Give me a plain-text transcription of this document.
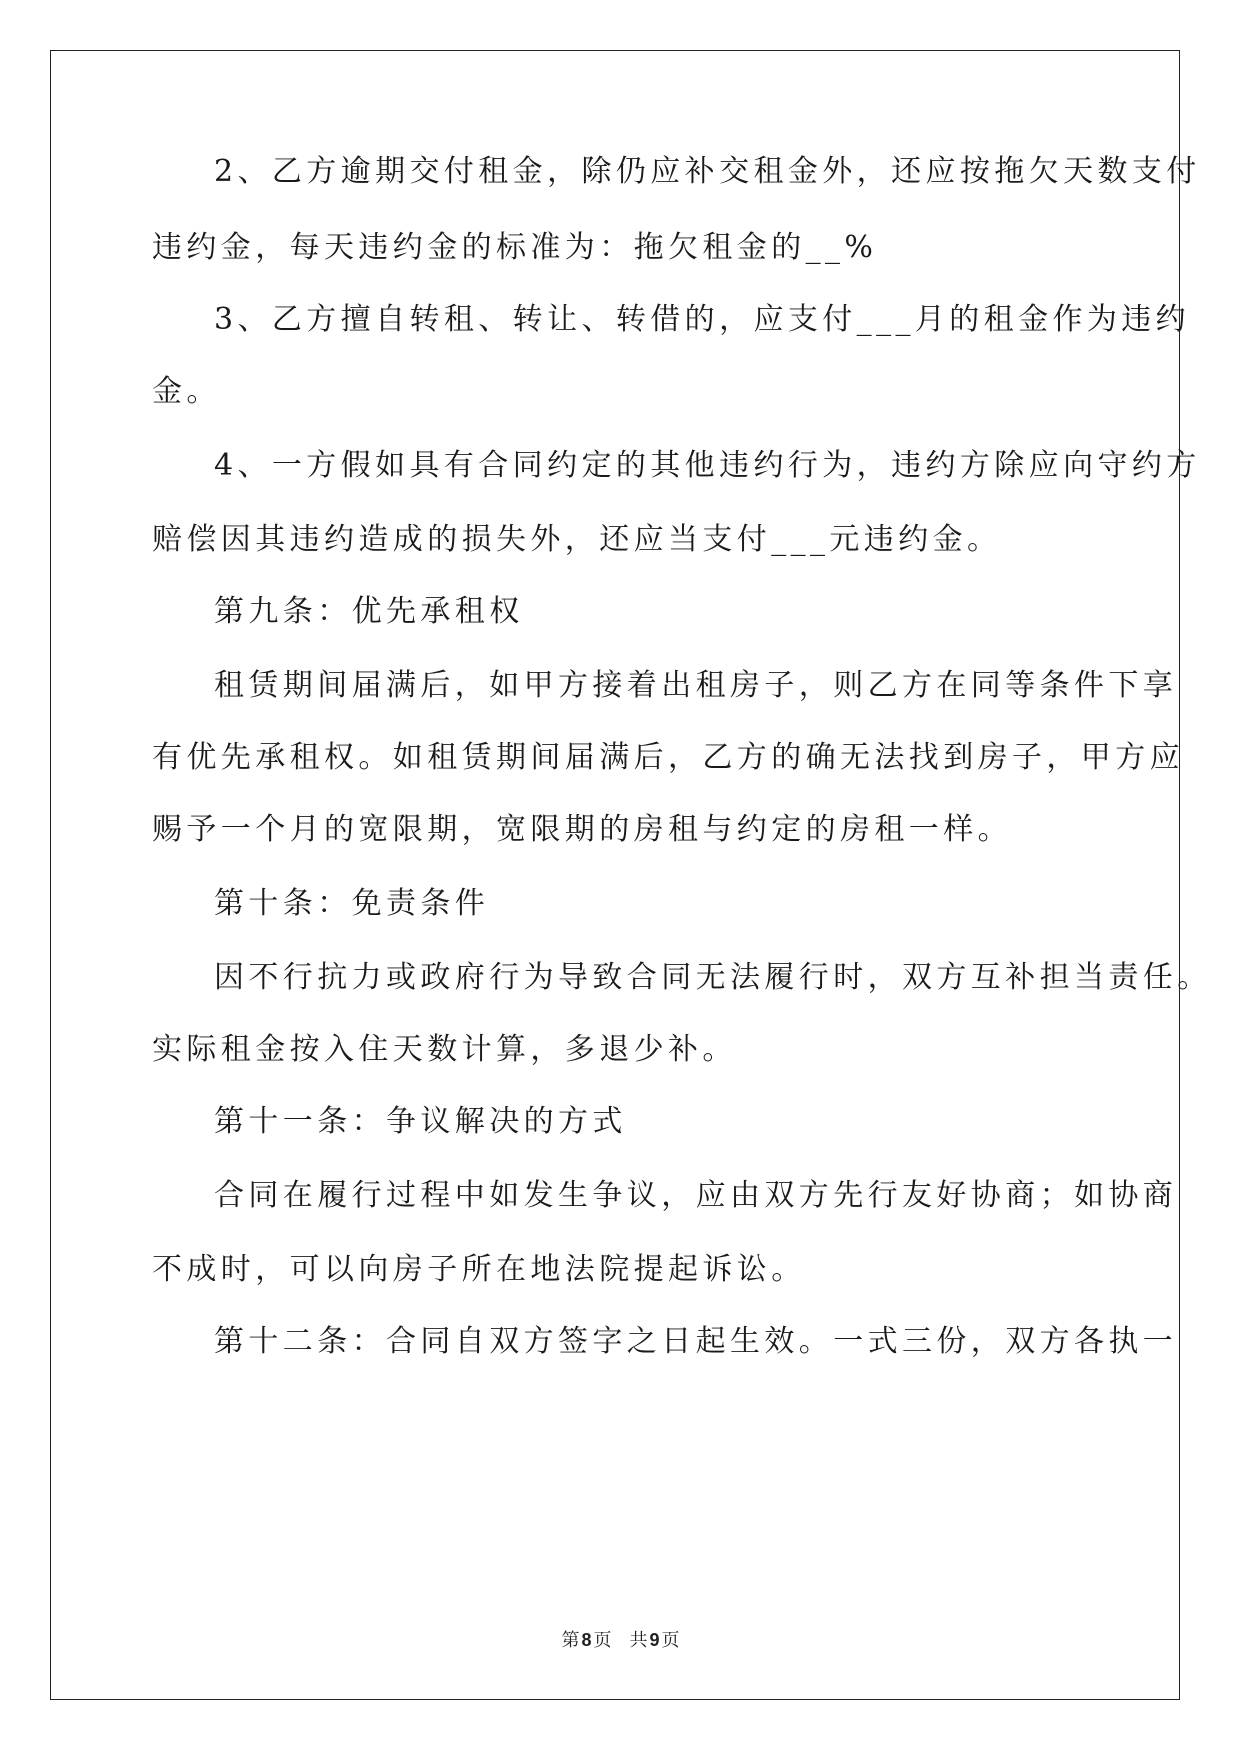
2、乙方逾期交付租金，除仍应补交租金外，还应按拖欠天数支付
违约金，每天违约金的标准为：拖欠租金的__%
3、乙方擅自转租、转让、转借的，应支付___月的租金作为违约
金。
4、一方假如具有合同约定的其他违约行为，违约方除应向守约方
赔偿因其违约造成的损失外，还应当支付___元违约金。
第九条：优先承租权
租赁期间届满后，如甲方接着出租房子，则乙方在同等条件下享
有优先承租权。如租赁期间届满后，乙方的确无法找到房子，甲方应
赐予一个月的宽限期，宽限期的房租与约定的房租一样。
第十条：免责条件
因不行抗力或政府行为导致合同无法履行时，双方互补担当责任。
实际租金按入住天数计算，多退少补。
第十一条：争议解决的方式
合同在履行过程中如发生争议，应由双方先行友好协商；如协商
不成时，可以向房子所在地法院提起诉讼。
第十二条：合同自双方签字之日起生效。一式三份，双方各执一
第 8 页 共 9 页
